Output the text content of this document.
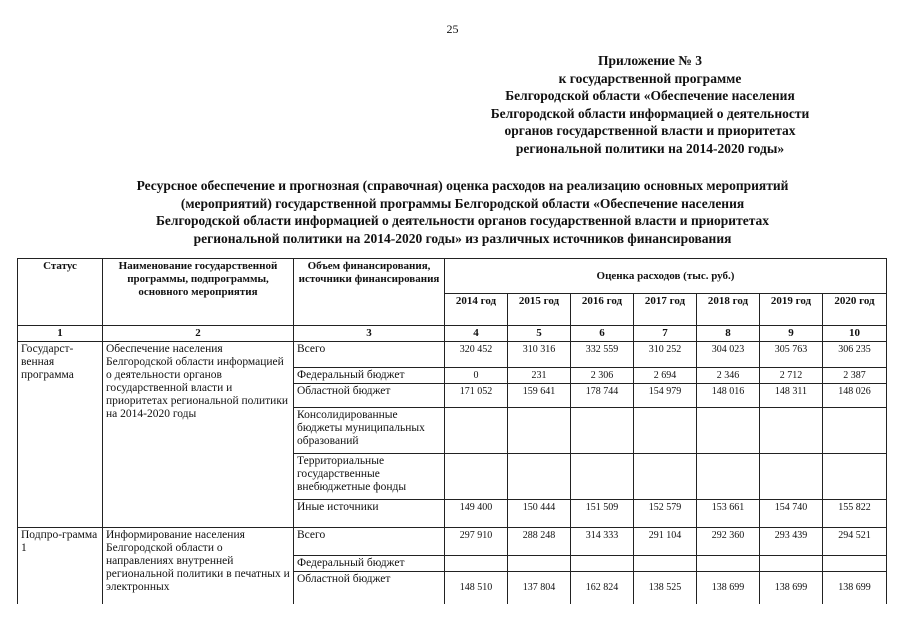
25
Приложение № 3
к государственной программе
Белгородской области «Обеспечение населения
Белгородской области информацией о деятельности
органов государственной власти и приоритетах
региональной политики на 2014-2020 годы»
Ресурсное обеспечение и прогнозная (справочная) оценка расходов на реализацию основных мероприятий
(мероприятий) государственной программы Белгородской области «Обеспечение населения
Белгородской области информацией о деятельности органов государственной власти и приоритетах
региональной политики на 2014-2020 годы» из различных источников финансирования
Статус	Наименование государственной программы, подпрограммы, основного мероприятия	Объем финансирования, источники финансирования	Оценка расходов (тыс. руб.)						
			2014 год	2015 год	2016 год	2017 год	2018 год	2019 год	2020 год
1	2	3	4	5	6	7	8	9	10
Государст-венная программа	Обеспечение населения Белгородской области информацией о деятельности органов государственной власти и приоритетах региональной политики на 2014-2020 годы	Всего	320 452	310 316	332 559	310 252	304 023	305 763	306 235
		Федеральный бюджет	0	231	2 306	2 694	2 346	2 712	2 387
		Областной бюджет	171 052	159 641	178 744	154 979	148 016	148 311	148 026
		Консолидированные бюджеты муниципальных образований							
		Территориальные государственные внебюджетные фонды							
		Иные источники	149 400	150 444	151 509	152 579	153 661	154 740	155 822
Подпро-грамма 1	Информирование населения Белгородской области о направлениях внутренней региональной политики в печатных и электронных	Всего	297 910	288 248	314 333	291 104	292 360	293 439	294 521
		Федеральный бюджет							
		Областной бюджет	148 510	137 804	162 824	138 525	138 699	138 699	138 699
